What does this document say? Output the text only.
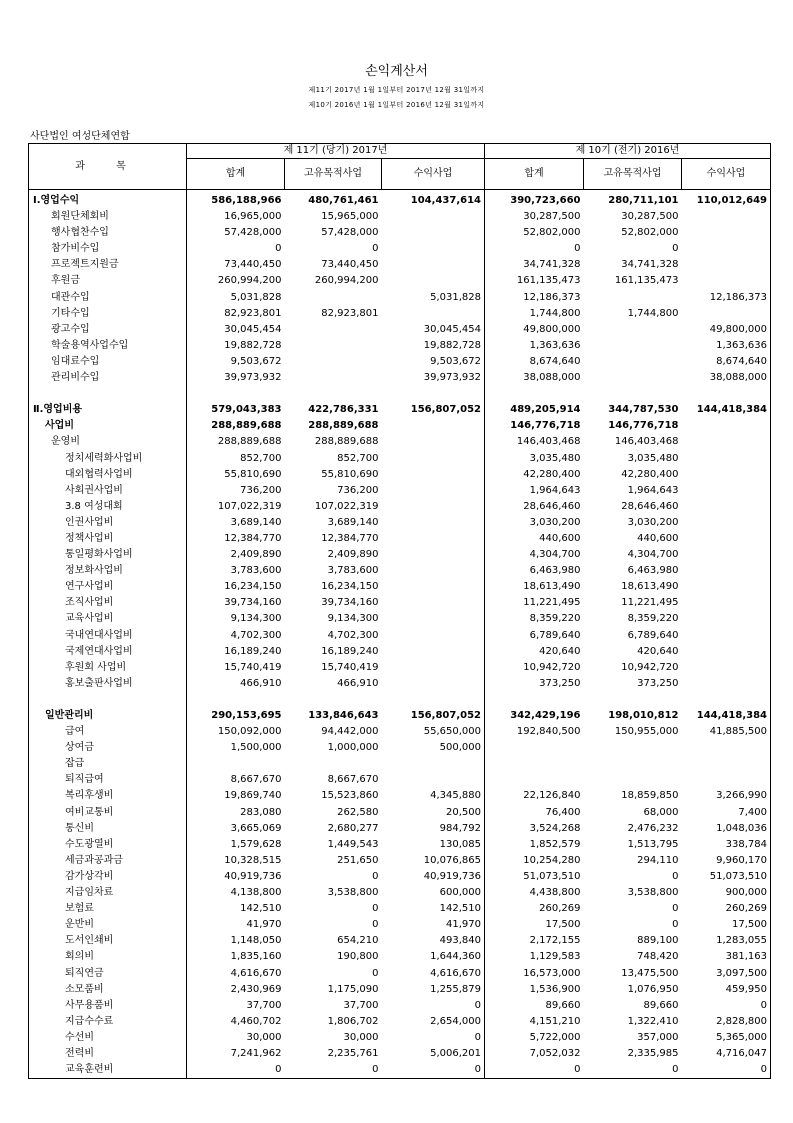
손익계산서
제11기 2017년 1월 1일부터 2017년 12월 31일까지
제10기 2016년 1월 1일부터 2016년 12월 31일까지
사단법인 여성단체연합
과 목	제 11기 (당기) 2017년			제 10기 (전기) 2016년		
	합계	고유목적사업	수익사업	합계	고유목적사업	수익사업
Ⅰ.영업수익	586,188,966	480,761,461	104,437,614	390,723,660	280,711,101	110,012,649
회원단체회비	16,965,000	15,965,000		30,287,500	30,287,500	
행사협찬수입	57,428,000	57,428,000		52,802,000	52,802,000	
참가비수입	0	0		0	0	
프로젝트지원금	73,440,450	73,440,450		34,741,328	34,741,328	
후원금	260,994,200	260,994,200		161,135,473	161,135,473	
대관수입	5,031,828		5,031,828	12,186,373		12,186,373
기타수입	82,923,801	82,923,801		1,744,800	1,744,800	
광고수입	30,045,454		30,045,454	49,800,000		49,800,000
학술용역사업수입	19,882,728		19,882,728	1,363,636		1,363,636
임대료수입	9,503,672		9,503,672	8,674,640		8,674,640
관리비수입	39,973,932		39,973,932	38,088,000		38,088,000

Ⅱ.영업비용	579,043,383	422,786,331	156,807,052	489,205,914	344,787,530	144,418,384
사업비	288,889,688	288,889,688		146,776,718	146,776,718	
운영비	288,889,688	288,889,688		146,403,468	146,403,468	
정치세력화사업비	852,700	852,700		3,035,480	3,035,480	
대외협력사업비	55,810,690	55,810,690		42,280,400	42,280,400	
사회권사업비	736,200	736,200		1,964,643	1,964,643	
3.8 여성대회	107,022,319	107,022,319		28,646,460	28,646,460	
인권사업비	3,689,140	3,689,140		3,030,200	3,030,200	
정책사업비	12,384,770	12,384,770		440,600	440,600	
통일평화사업비	2,409,890	2,409,890		4,304,700	4,304,700	
정보화사업비	3,783,600	3,783,600		6,463,980	6,463,980	
연구사업비	16,234,150	16,234,150		18,613,490	18,613,490	
조직사업비	39,734,160	39,734,160		11,221,495	11,221,495	
교육사업비	9,134,300	9,134,300		8,359,220	8,359,220	
국내연대사업비	4,702,300	4,702,300		6,789,640	6,789,640	
국제연대사업비	16,189,240	16,189,240		420,640	420,640	
후원회 사업비	15,740,419	15,740,419		10,942,720	10,942,720	
홍보출판사업비	466,910	466,910		373,250	373,250	

일반관리비	290,153,695	133,846,643	156,807,052	342,429,196	198,010,812	144,418,384
급여	150,092,000	94,442,000	55,650,000	192,840,500	150,955,000	41,885,500
상여금	1,500,000	1,000,000	500,000			
잡급						
퇴직급여	8,667,670	8,667,670				
복리후생비	19,869,740	15,523,860	4,345,880	22,126,840	18,859,850	3,266,990
여비교통비	283,080	262,580	20,500	76,400	68,000	7,400
통신비	3,665,069	2,680,277	984,792	3,524,268	2,476,232	1,048,036
수도광열비	1,579,628	1,449,543	130,085	1,852,579	1,513,795	338,784
세금과공과금	10,328,515	251,650	10,076,865	10,254,280	294,110	9,960,170
감가상각비	40,919,736	0	40,919,736	51,073,510	0	51,073,510
지급임차료	4,138,800	3,538,800	600,000	4,438,800	3,538,800	900,000
보험료	142,510	0	142,510	260,269	0	260,269
운반비	41,970	0	41,970	17,500	0	17,500
도서인쇄비	1,148,050	654,210	493,840	2,172,155	889,100	1,283,055
회의비	1,835,160	190,800	1,644,360	1,129,583	748,420	381,163
퇴직연금	4,616,670	0	4,616,670	16,573,000	13,475,500	3,097,500
소모품비	2,430,969	1,175,090	1,255,879	1,536,900	1,076,950	459,950
사무용품비	37,700	37,700	0	89,660	89,660	0
지급수수료	4,460,702	1,806,702	2,654,000	4,151,210	1,322,410	2,828,800
수선비	30,000	30,000	0	5,722,000	357,000	5,365,000
전력비	7,241,962	2,235,761	5,006,201	7,052,032	2,335,985	4,716,047
교육훈련비	0	0	0	0	0	0
